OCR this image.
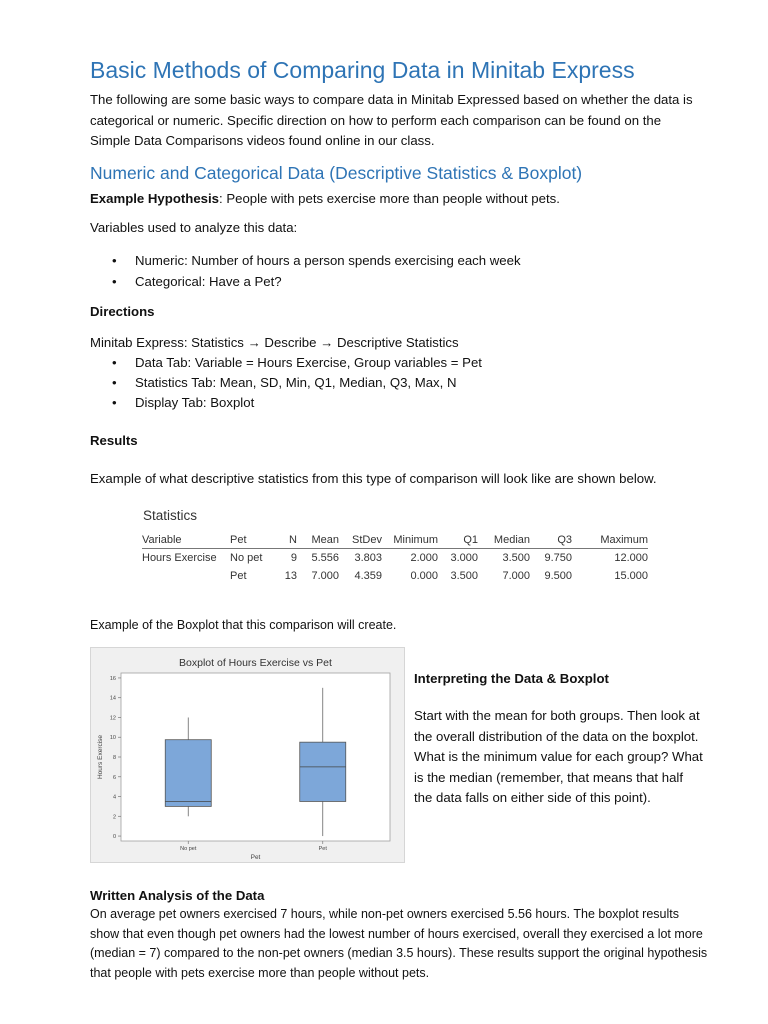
Basic Methods of Comparing Data in Minitab Express

The following are some basic ways to compare data in Minitab Expressed based on whether the data is categorical or numeric. Specific direction on how to perform each comparison can be found on the Simple Data Comparisons videos found online in our class.

Numeric and Categorical Data (Descriptive Statistics & Boxplot)

Example Hypothesis: People with pets exercise more than people without pets.

Variables used to analyze this data:

• Numeric: Number of hours a person spends exercising each week
• Categorical: Have a Pet?

Directions

Minitab Express: Statistics → Describe → Descriptive Statistics

• Data Tab: Variable = Hours Exercise, Group variables = Pet
• Statistics Tab: Mean, SD, Min, Q1, Median, Q3, Max, N
• Display Tab: Boxplot

Results

Example of what descriptive statistics from this type of comparison will look like are shown below.

Statistics
Variable	Pet	N	Mean	StDev	Minimum	Q1	Median	Q3	Maximum
Hours Exercise	No pet	9	5.556	3.803	2.000	3.000	3.500	9.750	12.000
	Pet	13	7.000	4.359	0.000	3.500	7.000	9.500	15.000

Example of the Boxplot that this comparison will create.

Boxplot of Hours Exercise vs Pet
0
2
4
6
8
10
12
14
16
Hours Exercise
No pet	Pet
Pet

Interpreting the Data & Boxplot

Start with the mean for both groups. Then look at the overall distribution of the data on the boxplot. What is the minimum value for each group? What is the median (remember, that means that half the data falls on either side of this point).

Written Analysis of the Data

On average pet owners exercised 7 hours, while non-pet owners exercised 5.56 hours. The boxplot results show that even though pet owners had the lowest number of hours exercised, overall they exercised a lot more (median = 7) compared to the non-pet owners (median 3.5 hours). These results support the original hypothesis that people with pets exercise more than people without pets.
